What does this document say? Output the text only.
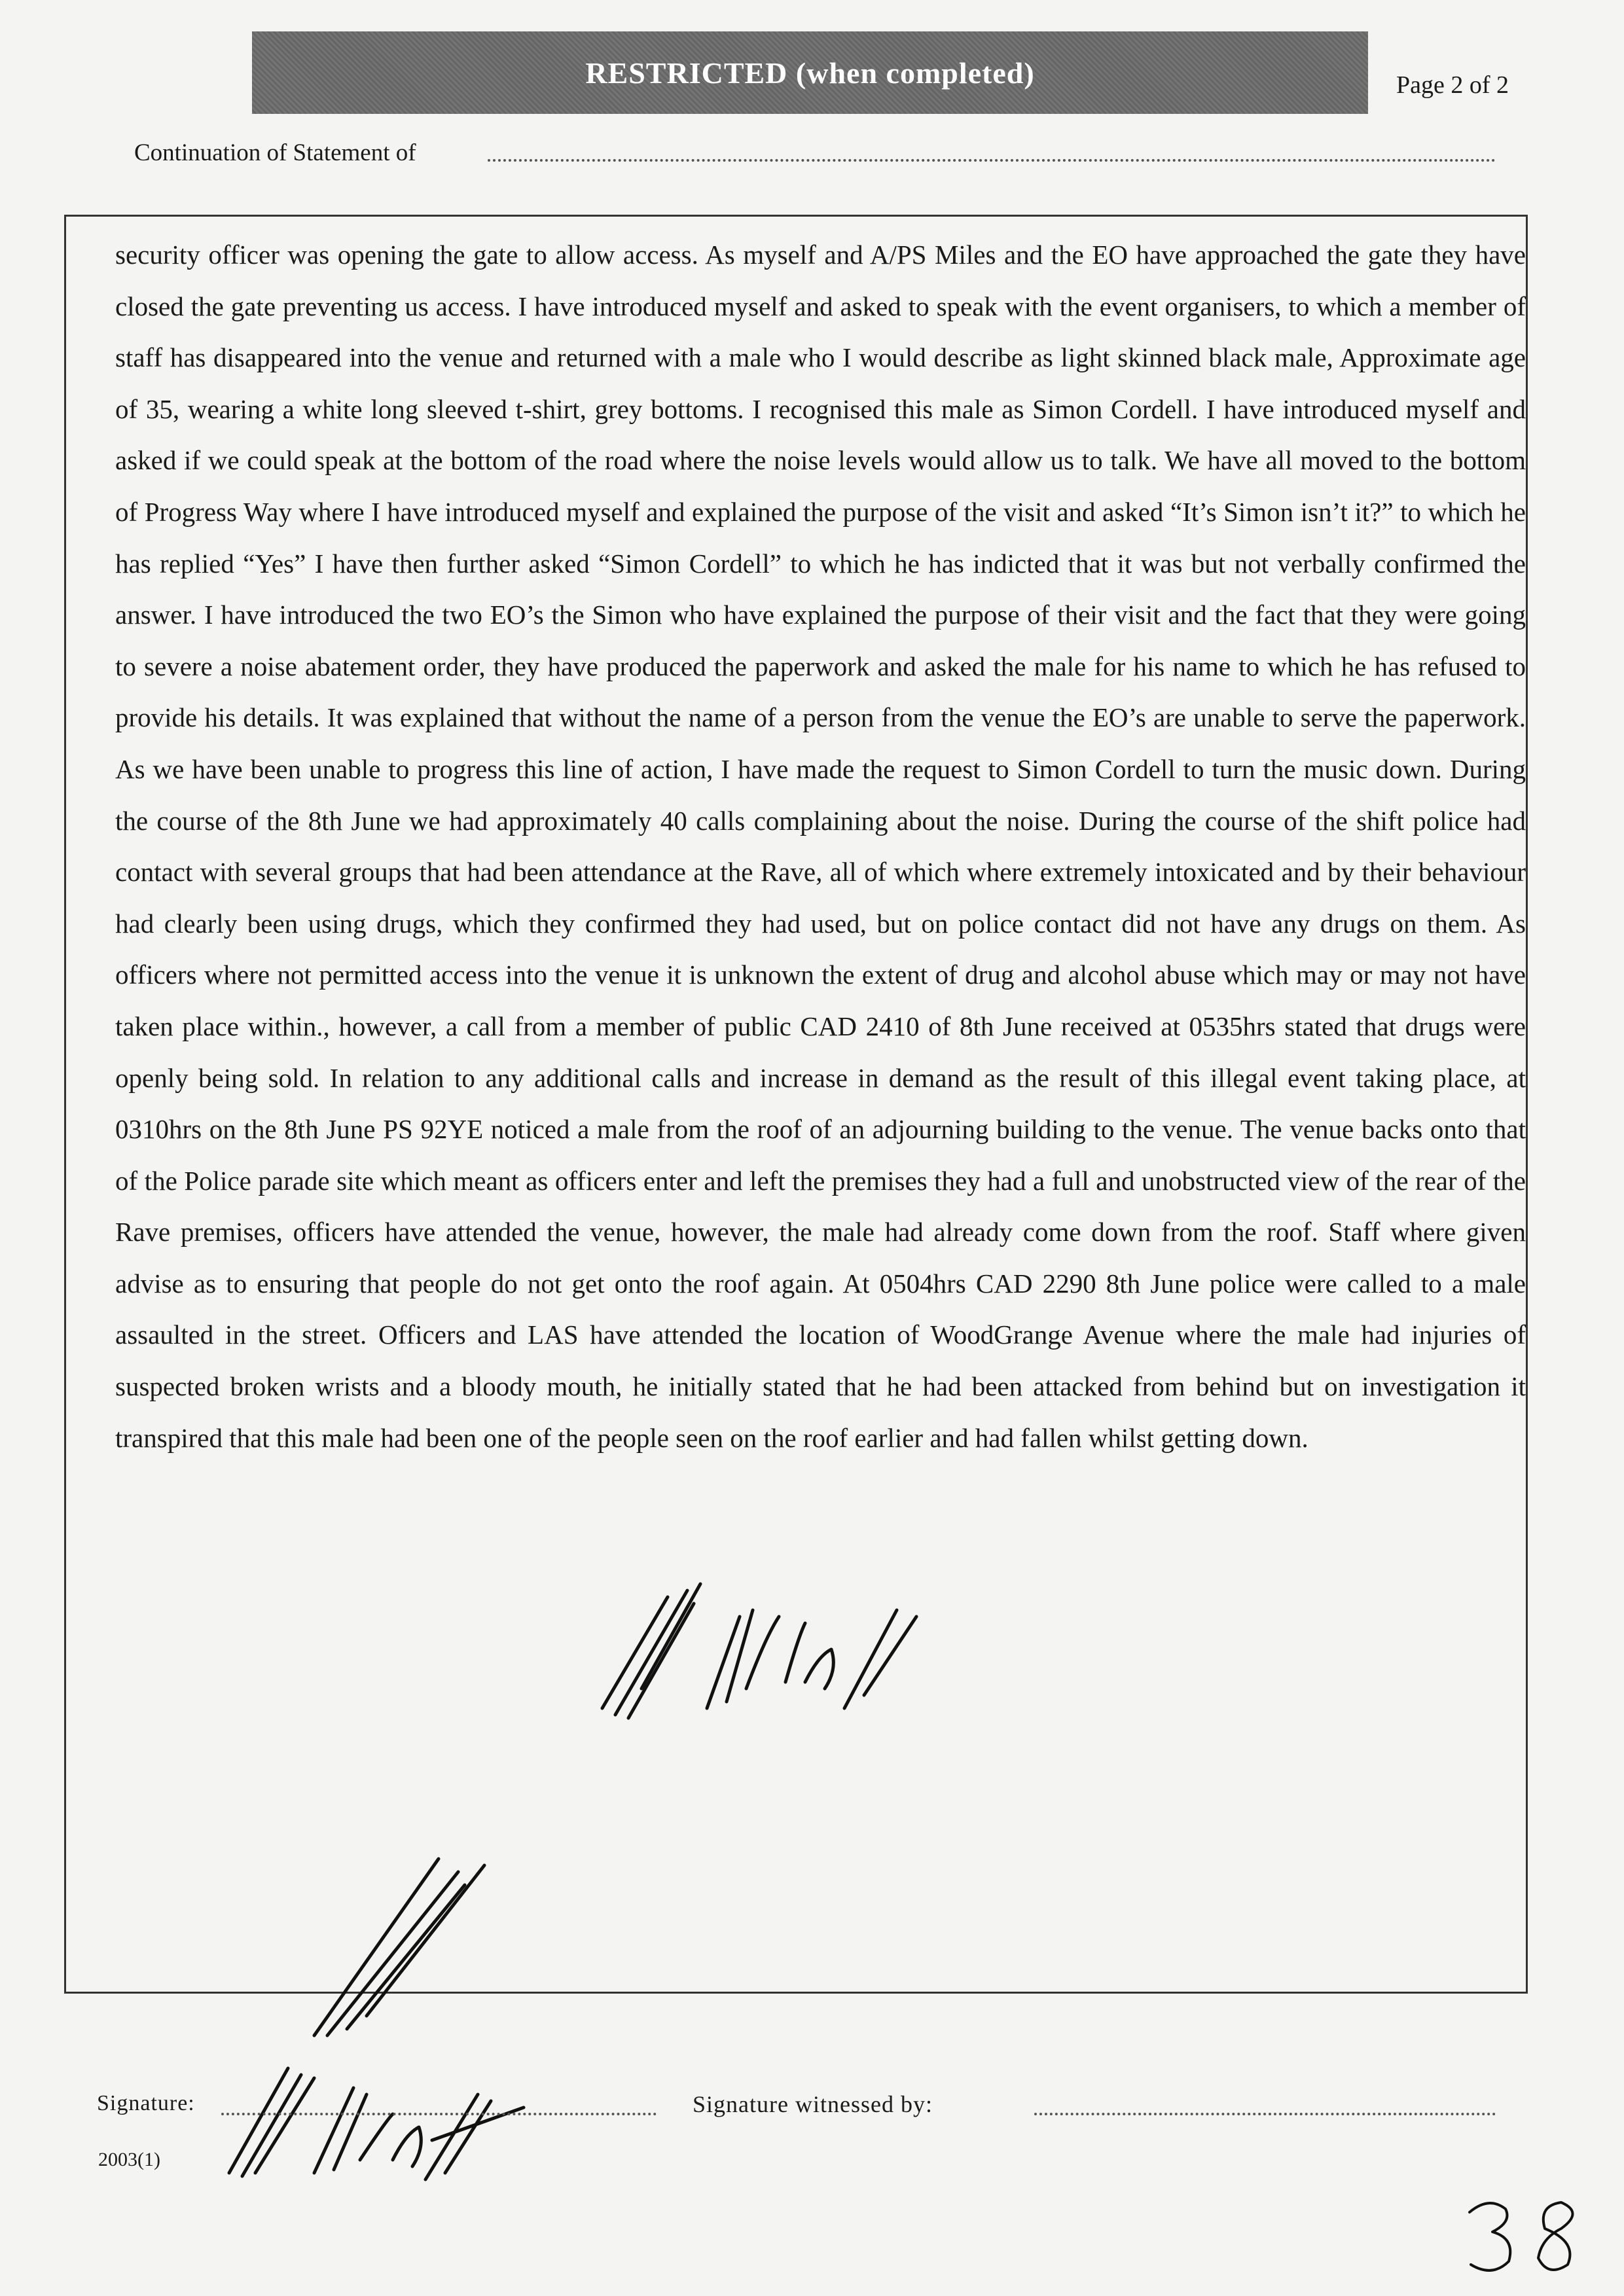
RESTRICTED (when completed)	Page 2 of 2
Continuation of Statement of

security officer was opening the gate to allow access. As myself and A/PS Miles and the EO have approached the gate they have closed the gate preventing us access. I have introduced myself and asked to speak with the event organisers, to which a member of staff has disappeared into the venue and returned with a male who I would describe as light skinned black male, Approximate age of 35, wearing a white long sleeved t-shirt, grey bottoms. I recognised this male as Simon Cordell. I have introduced myself and asked if we could speak at the bottom of the road where the noise levels would allow us to talk. We have all moved to the bottom of Progress Way where I have introduced myself and explained the purpose of the visit and asked “It’s Simon isn’t it?” to which he has replied “Yes” I have then further asked “Simon Cordell” to which he has indicted that it was but not verbally confirmed the answer. I have introduced the two EO’s the Simon who have explained the purpose of their visit and the fact that they were going to severe a noise abatement order, they have produced the paperwork and asked the male for his name to which he has refused to provide his details. It was explained that without the name of a person from the venue the EO’s are unable to serve the paperwork. As we have been unable to progress this line of action, I have made the request to Simon Cordell to turn the music down. During the course of the 8th June we had approximately 40 calls complaining about the noise. During the course of the shift police had contact with several groups that had been attendance at the Rave, all of which where extremely intoxicated and by their behaviour had clearly been using drugs, which they confirmed they had used, but on police contact did not have any drugs on them. As officers where not permitted access into the venue it is unknown the extent of drug and alcohol abuse which may or may not have taken place within., however, a call from a member of public CAD 2410 of 8th June received at 0535hrs stated that drugs were openly being sold. In relation to any additional calls and increase in demand as the result of this illegal event taking place, at 0310hrs on the 8th June PS 92YE noticed a male from the roof of an adjourning building to the venue. The venue backs onto that of the Police parade site which meant as officers enter and left the premises they had a full and unobstructed view of the rear of the Rave premises, officers have attended the venue, however, the male had already come down from the roof. Staff where given advise as to ensuring that people do not get onto the roof again. At 0504hrs CAD 2290 8th June police were called to a male assaulted in the street. Officers and LAS have attended the location of WoodGrange Avenue where the male had injuries of suspected broken wrists and a bloody mouth, he initially stated that he had been attacked from behind but on investigation it transpired that this male had been one of the people seen on the roof earlier and had fallen whilst getting down.

Signature:	Signature witnessed by:
2003(1)
